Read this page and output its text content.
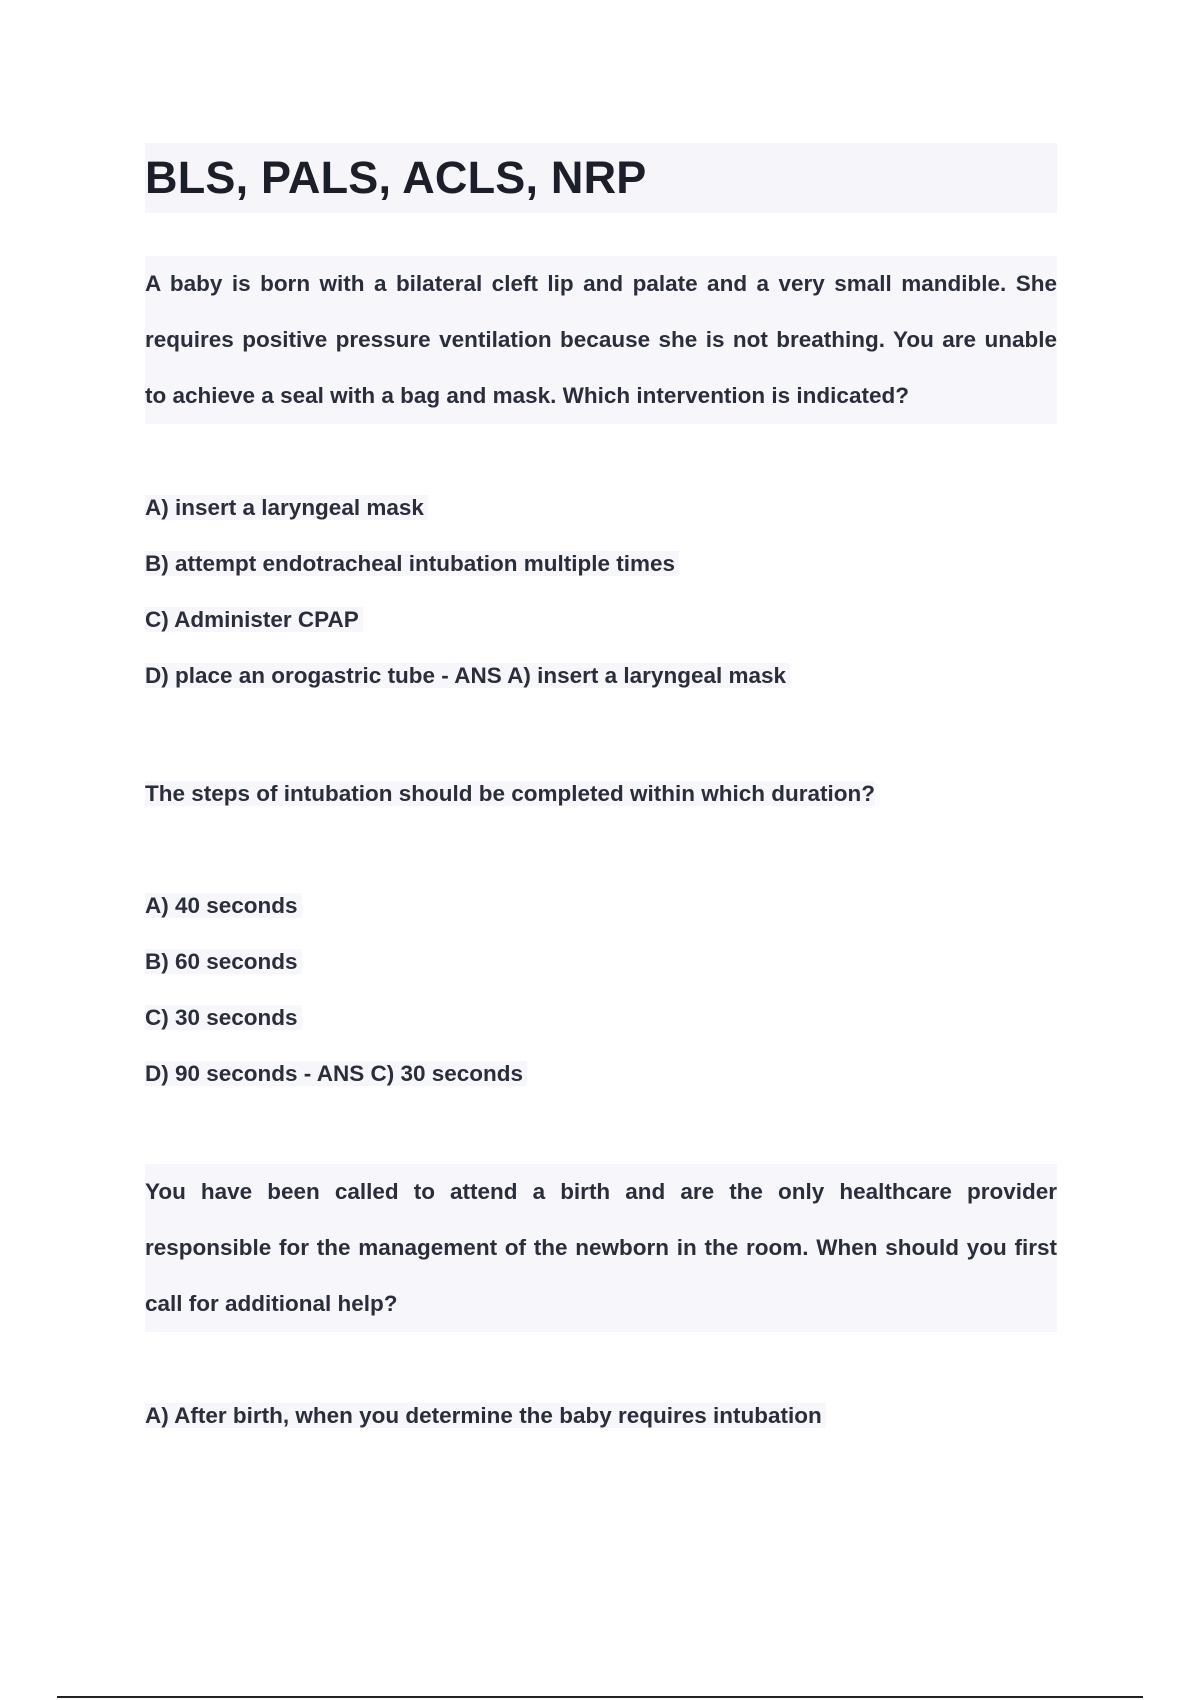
BLS, PALS, ACLS, NRP

A baby is born with a bilateral cleft lip and palate and a very small mandible. She requires positive pressure ventilation because she is not breathing. You are unable to achieve a seal with a bag and mask. Which intervention is indicated?

A) insert a laryngeal mask
B) attempt endotracheal intubation multiple times
C) Administer CPAP
D) place an orogastric tube - ANS A) insert a laryngeal mask

The steps of intubation should be completed within which duration?

A) 40 seconds
B) 60 seconds
C) 30 seconds
D) 90 seconds - ANS C) 30 seconds

You have been called to attend a birth and are the only healthcare provider responsible for the management of the newborn in the room. When should you first call for additional help?

A) After birth, when you determine the baby requires intubation
